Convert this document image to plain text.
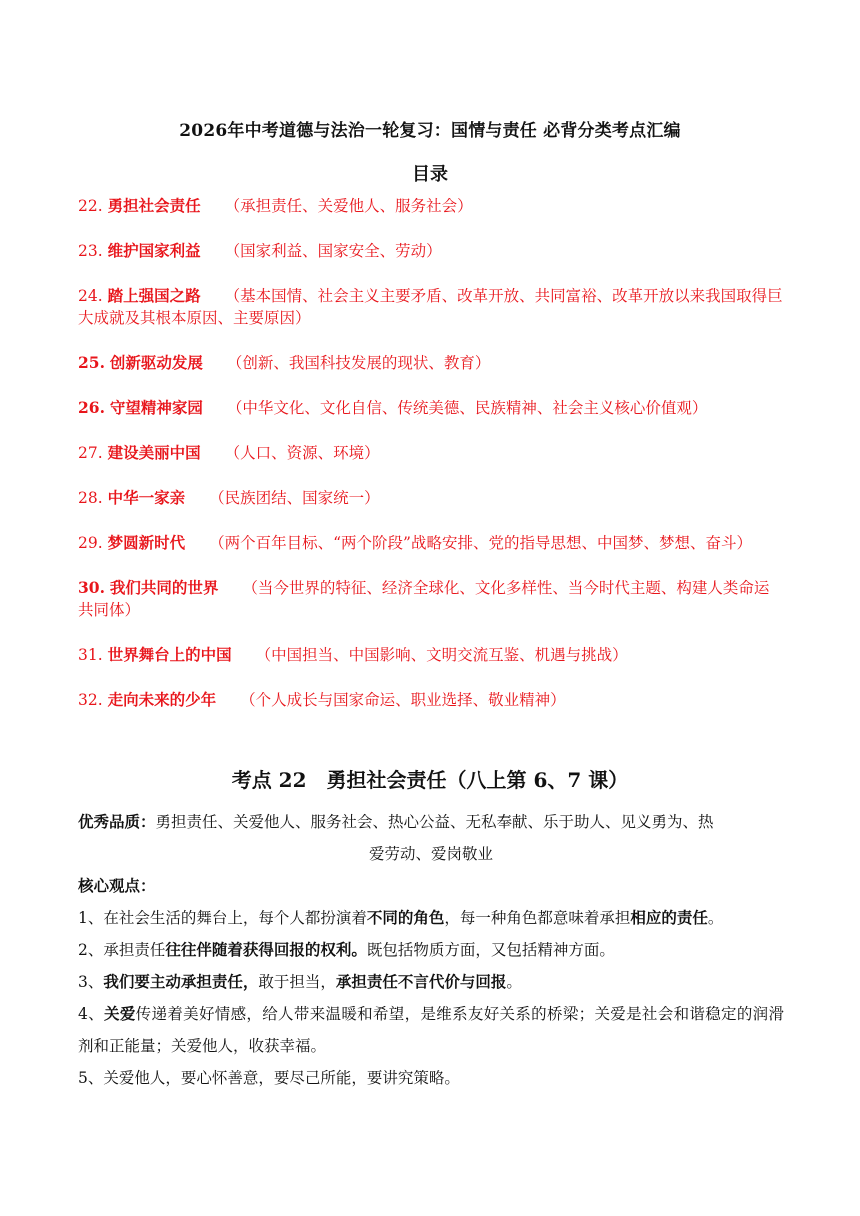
2026年中考道德与法治一轮复习：国情与责任 必背分类考点汇编
目录
22. 勇担社会责任 （承担责任、关爱他人、服务社会）
23. 维护国家利益 （国家利益、国家安全、劳动）
24. 踏上强国之路 （基本国情、社会主义主要矛盾、改革开放、共同富裕、改革开放以来我国取得巨大成就及其根本原因、主要原因）
25. 创新驱动发展 （创新、我国科技发展的现状、教育）
26. 守望精神家园 （中华文化、文化自信、传统美德、民族精神、社会主义核心价值观）
27. 建设美丽中国 （人口、资源、环境）
28. 中华一家亲 （民族团结、国家统一）
29. 梦圆新时代 （两个百年目标、“两个阶段”战略安排、党的指导思想、中国梦、梦想、奋斗）
30. 我们共同的世界 （当今世界的特征、经济全球化、文化多样性、当今时代主题、构建人类命运共同体）
31. 世界舞台上的中国 （中国担当、中国影响、文明交流互鉴、机遇与挑战）
32. 走向未来的少年 （个人成长与国家命运、职业选择、敬业精神）
考点 22　勇担社会责任（八上第 6、7 课）
优秀品质：勇担责任、关爱他人、服务社会、热心公益、无私奉献、乐于助人、见义勇为、热
爱劳动、爱岗敬业
核心观点：
1、在社会生活的舞台上，每个人都扮演着不同的角色，每一种角色都意味着承担相应的责任。
2、承担责任往往伴随着获得回报的权利。既包括物质方面，又包括精神方面。
3、我们要主动承担责任，敢于担当，承担责任不言代价与回报。
4、关爱传递着美好情感，给人带来温暖和希望，是维系友好关系的桥梁；关爱是社会和谐稳定的润滑剂和正能量；关爱他人，收获幸福。
5、关爱他人，要心怀善意，要尽己所能，要讲究策略。
